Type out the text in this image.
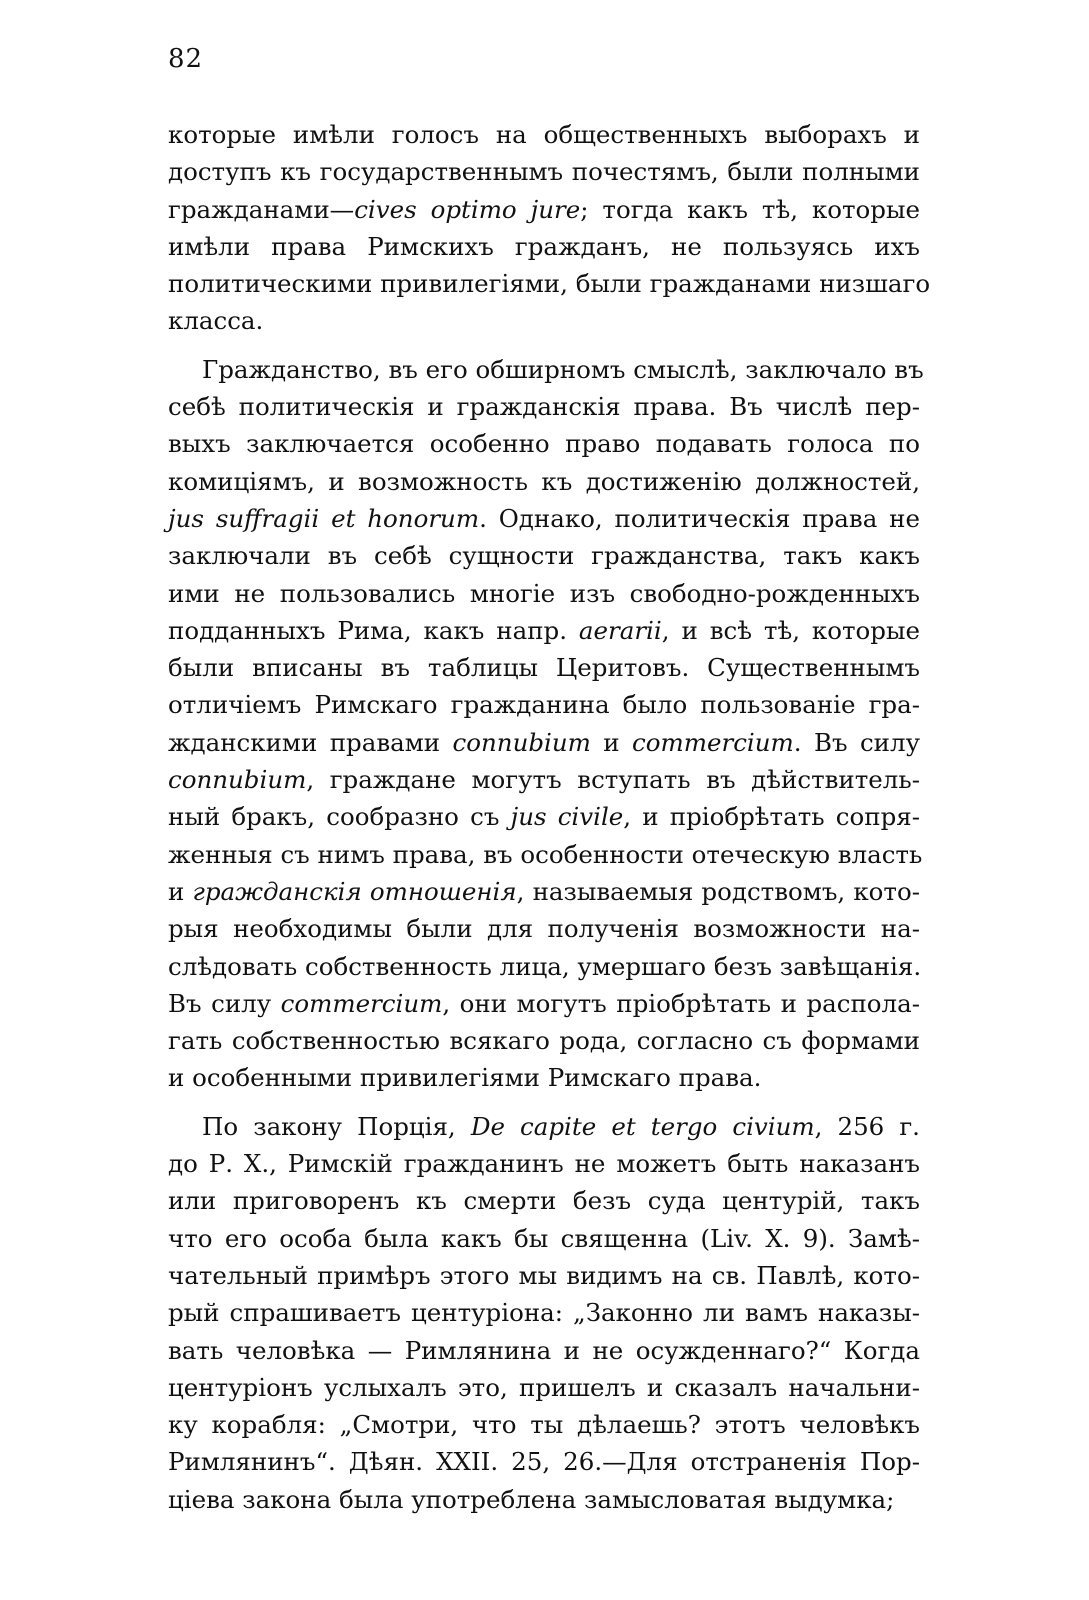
82
которые имѣли голосъ на общественныхъ выборахъ и
доступъ къ государственнымъ почестямъ, были полными
гражданами—cives optimo jure; тогда какъ тѣ, которые
имѣли права Римскихъ гражданъ, не пользуясь ихъ
политическими привилегіями, были гражданами низшаго
класса.
Гражданство, въ его обширномъ смыслѣ, заключало въ
себѣ политическія и гражданскія права. Въ числѣ пер-
выхъ заключается особенно право подавать голоса по
комиціямъ, и возможность къ достиженію должностей,
jus suffragii et honorum. Однако, политическія права не
заключали въ себѣ сущности гражданства, такъ какъ
ими не пользовались многіе изъ свободно-рожденныхъ
подданныхъ Рима, какъ напр. aerarii, и всѣ тѣ, которые
были вписаны въ таблицы Церитовъ. Существеннымъ
отличіемъ Римскаго гражданина было пользованіе гра-
жданскими правами connubium и commercium. Въ силу
connubium, граждане могутъ вступать въ дѣйствитель-
ный бракъ, сообразно съ jus civile, и пріобрѣтать сопря-
женныя съ нимъ права, въ особенности отеческую власть
и гражданскія отношенія, называемыя родствомъ, кото-
рыя необходимы были для полученія возможности на-
слѣдовать собственность лица, умершаго безъ завѣщанія.
Въ силу commercium, они могутъ пріобрѣтать и распола-
гать собственностью всякаго рода, согласно съ формами
и особенными привилегіями Римскаго права.
По закону Порція, De capite et tergo civium, 256 г.
до Р. Х., Римскій гражданинъ не можетъ быть наказанъ
или приговоренъ къ смерти безъ суда центурій, такъ
что его особа была какъ бы священна (Liv. X. 9). Замѣ-
чательный примѣръ этого мы видимъ на св. Павлѣ, кото-
рый спрашиваетъ центуріона: „Законно ли вамъ наказы-
вать человѣка — Римлянина и не осужденнаго?“ Когда
центуріонъ услыхалъ это, пришелъ и сказалъ начальни-
ку корабля: „Смотри, что ты дѣлаешь? этотъ человѣкъ
Римлянинъ“. Дѣян. XXII. 25, 26.—Для отстраненія Пор-
ціева закона была употреблена замысловатая выдумка;
